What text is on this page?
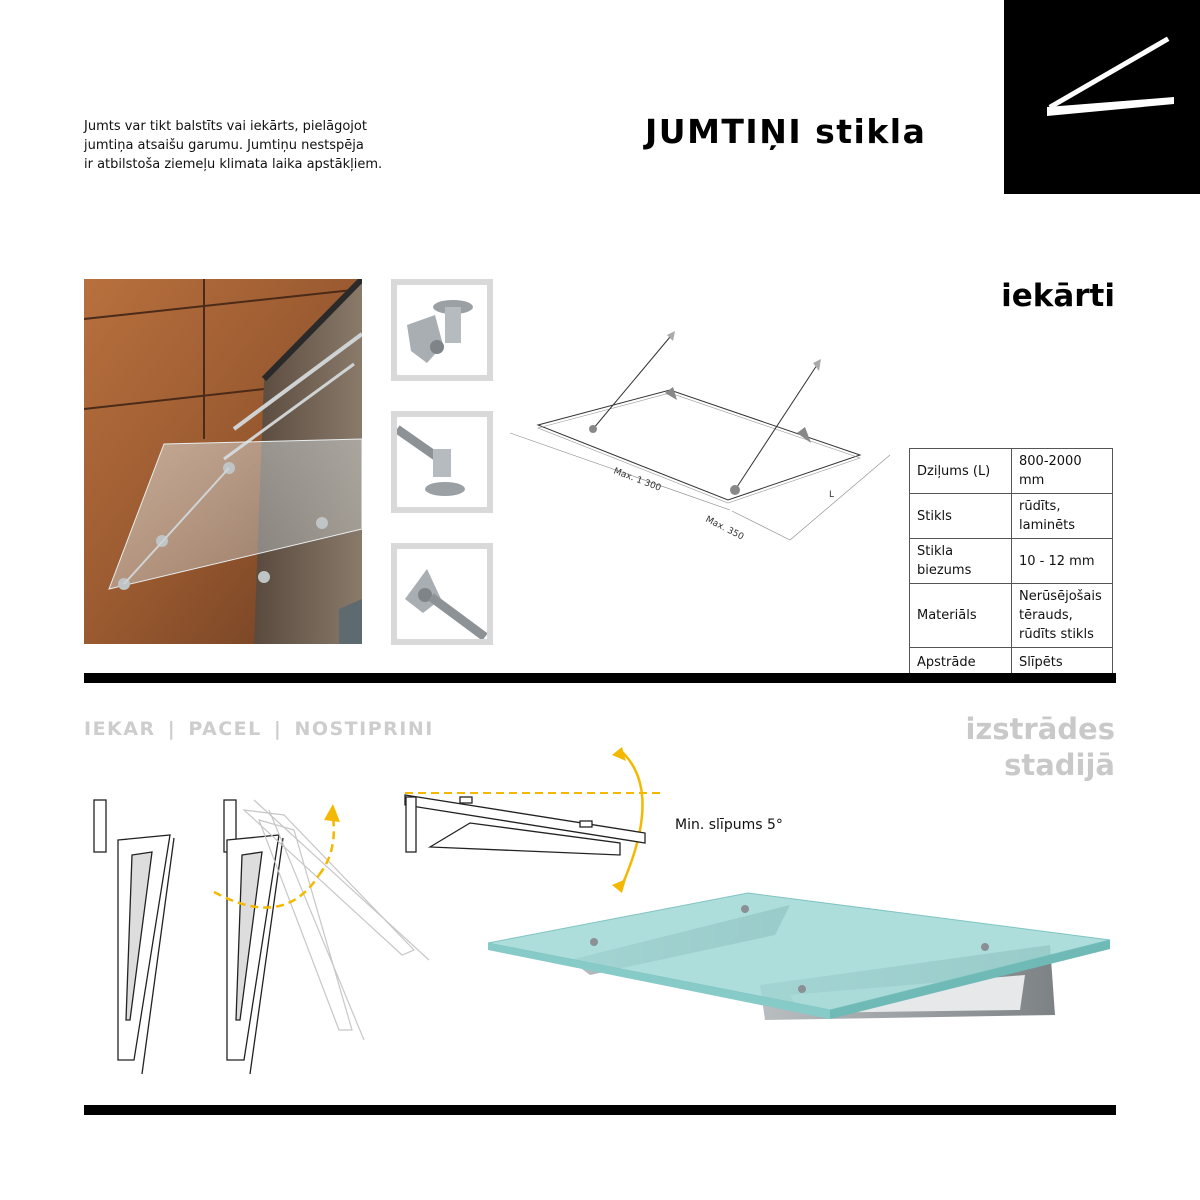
Jumts var tikt balstīts vai iekārts, pielāgojot
jumtiņa atsaišu garumu. Jumtiņu nestspēja
ir atbilstoša ziemeļu klimata laika apstākļiem.
JUMTIŅI stikla
iekārti
Max. 1 300
Max. 350
L
Dziļums (L)	800-2000 mm
Stikls	rūdīts,
laminēts
Stikla biezums	10 - 12 mm
Materiāls	Nerūsējošais
tērauds,
rūdīts stikls
Apstrāde	Slīpēts
IEKAR | PACEL | NOSTIPRINI	izstrādes
stadijā
Min. slīpums 5°
